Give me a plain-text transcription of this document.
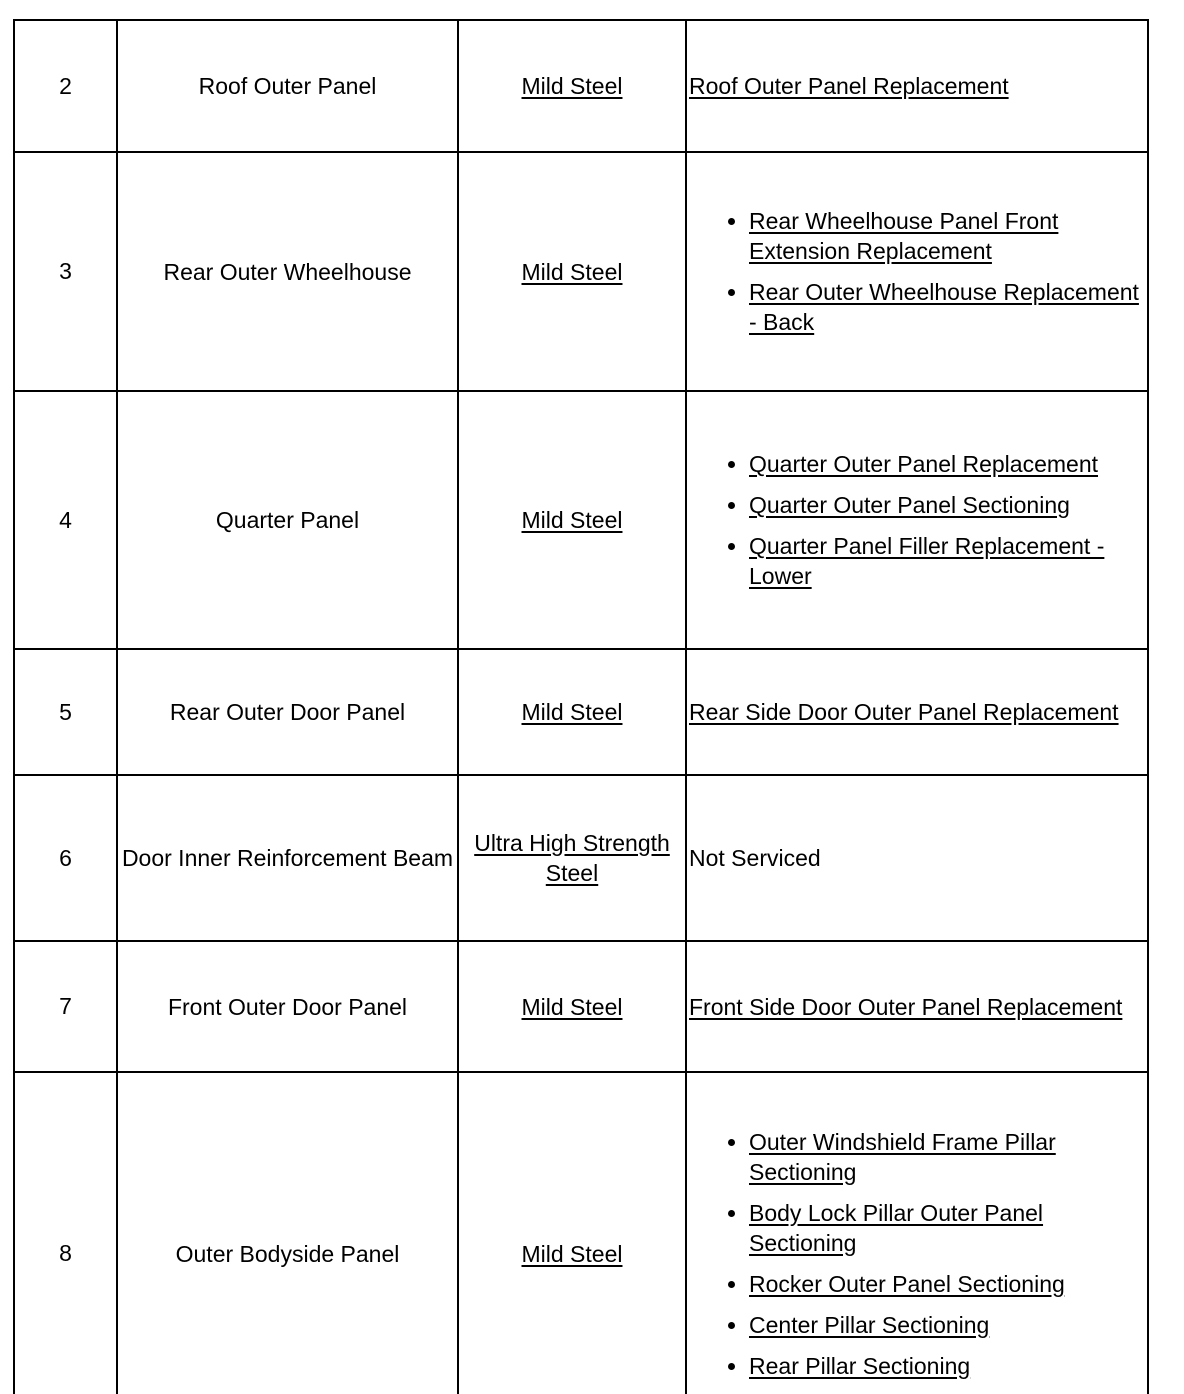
2	Roof Outer Panel	Mild Steel	Roof Outer Panel Replacement
3	Rear Outer Wheelhouse	Mild Steel	
• Rear Wheelhouse Panel Front Extension Replacement
• Rear Outer Wheelhouse Replacement - Back

4	Quarter Panel	Mild Steel	
• Quarter Outer Panel Replacement
• Quarter Outer Panel Sectioning
• Quarter Panel Filler Replacement - Lower

5	Rear Outer Door Panel	Mild Steel	Rear Side Door Outer Panel Replacement
6	Door Inner Reinforcement Beam	Ultra High Strength Steel	Not Serviced
7	Front Outer Door Panel	Mild Steel	Front Side Door Outer Panel Replacement
8	Outer Bodyside Panel	Mild Steel	
• Outer Windshield Frame Pillar Sectioning
• Body Lock Pillar Outer Panel Sectioning
• Rocker Outer Panel Sectioning
• Center Pillar Sectioning
• Rear Pillar Sectioning
